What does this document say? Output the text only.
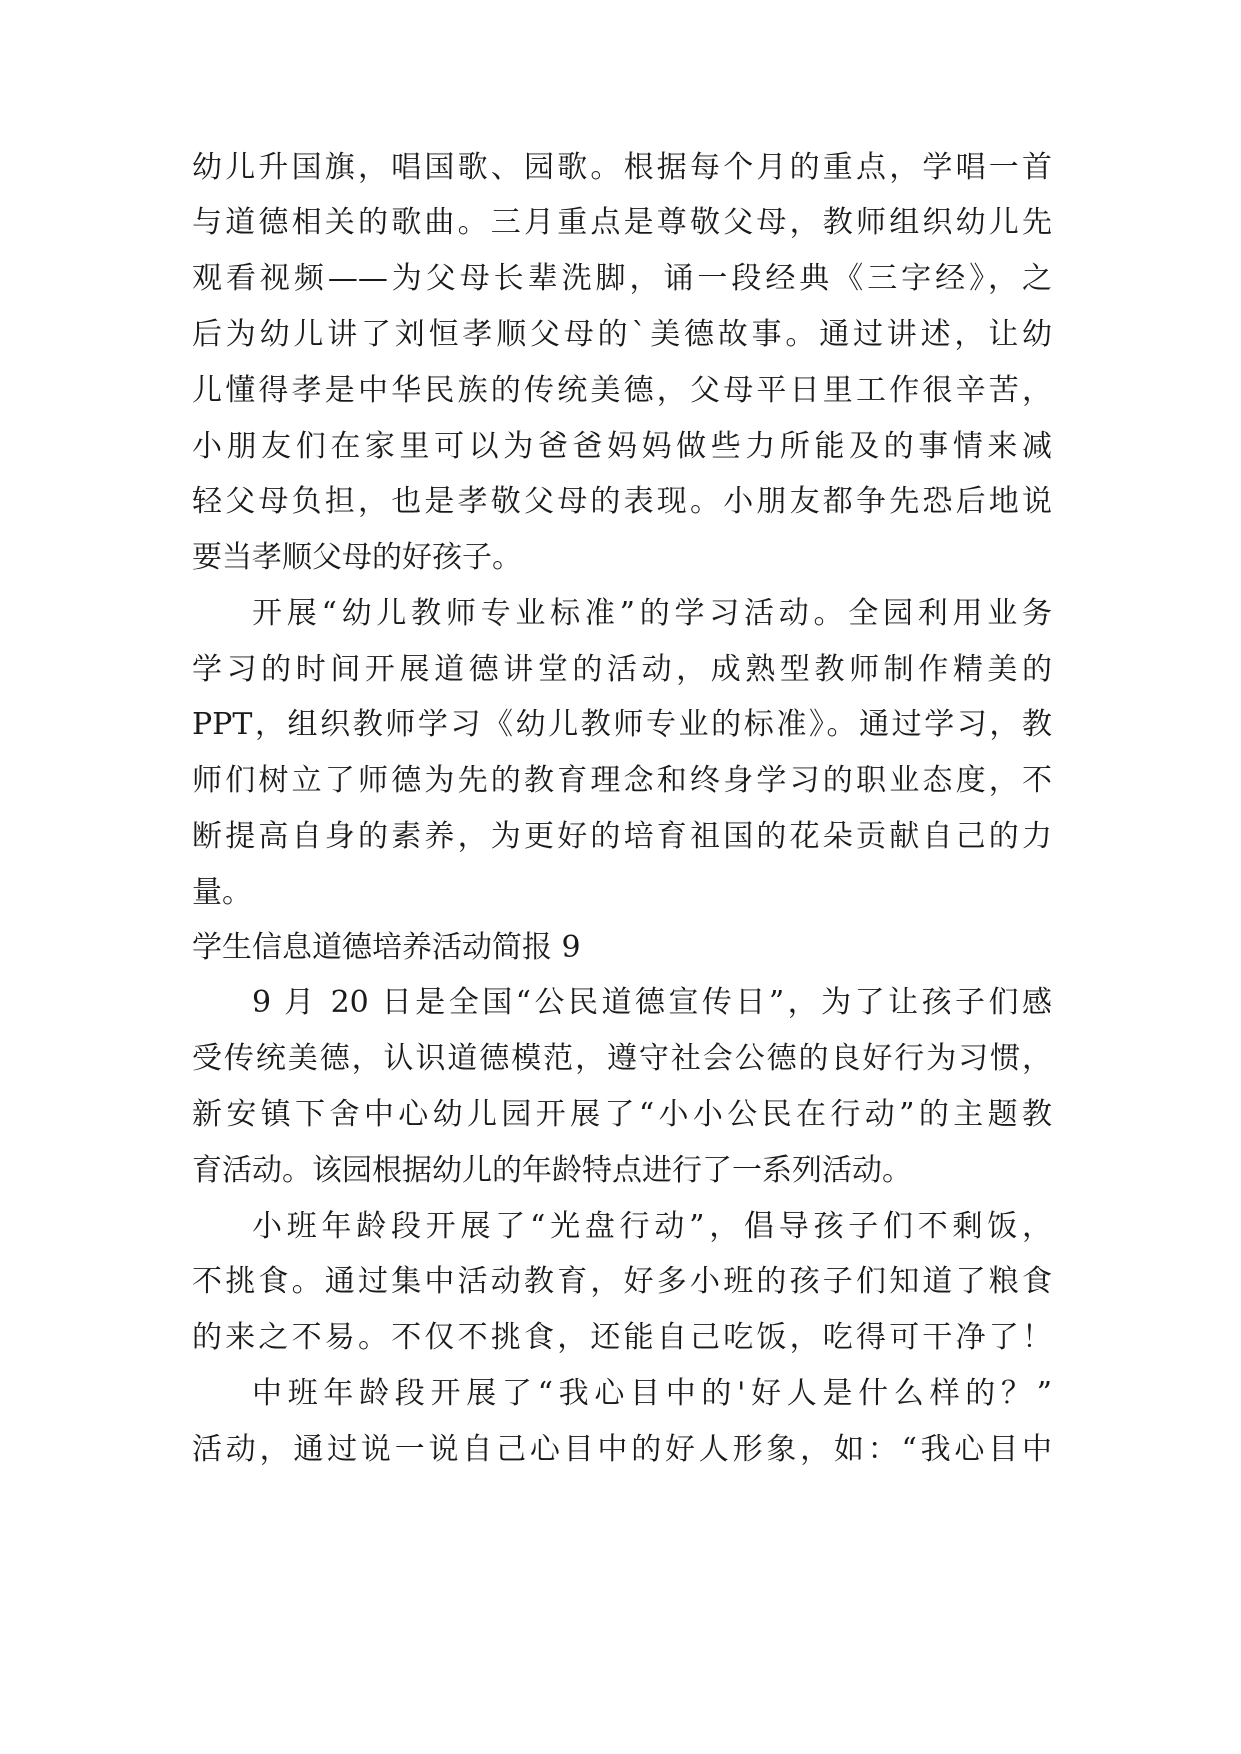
幼儿升国旗，唱国歌、园歌。根据每个月的重点，学唱一首
与道德相关的歌曲。三月重点是尊敬父母，教师组织幼儿先
观看视频——为父母长辈洗脚，诵一段经典《三字经》，之
后为幼儿讲了刘恒孝顺父母的`美德故事。通过讲述，让幼
儿懂得孝是中华民族的传统美德，父母平日里工作很辛苦，
小朋友们在家里可以为爸爸妈妈做些力所能及的事情来减
轻父母负担，也是孝敬父母的表现。小朋友都争先恐后地说
要当孝顺父母的好孩子。
开展“幼儿教师专业标准”的学习活动。全园利用业务
学习的时间开展道德讲堂的活动，成熟型教师制作精美的
PPT，组织教师学习《幼儿教师专业的标准》。通过学习，教
师们树立了师德为先的教育理念和终身学习的职业态度，不
断提高自身的素养，为更好的培育祖国的花朵贡献自己的力
量。
学生信息道德培养活动简报 9
9 月 20 日是全国“公民道德宣传日”，为了让孩子们感
受传统美德，认识道德模范，遵守社会公德的良好行为习惯，
新安镇下舍中心幼儿园开展了“小小公民在行动”的主题教
育活动。该园根据幼儿的年龄特点进行了一系列活动。
小班年龄段开展了“光盘行动”，倡导孩子们不剩饭，
不挑食。通过集中活动教育，好多小班的孩子们知道了粮食
的来之不易。不仅不挑食，还能自己吃饭，吃得可干净了！
中班年龄段开展了“我心目中的'好人是什么样的？”
活动，通过说一说自己心目中的好人形象，如：“我心目中
